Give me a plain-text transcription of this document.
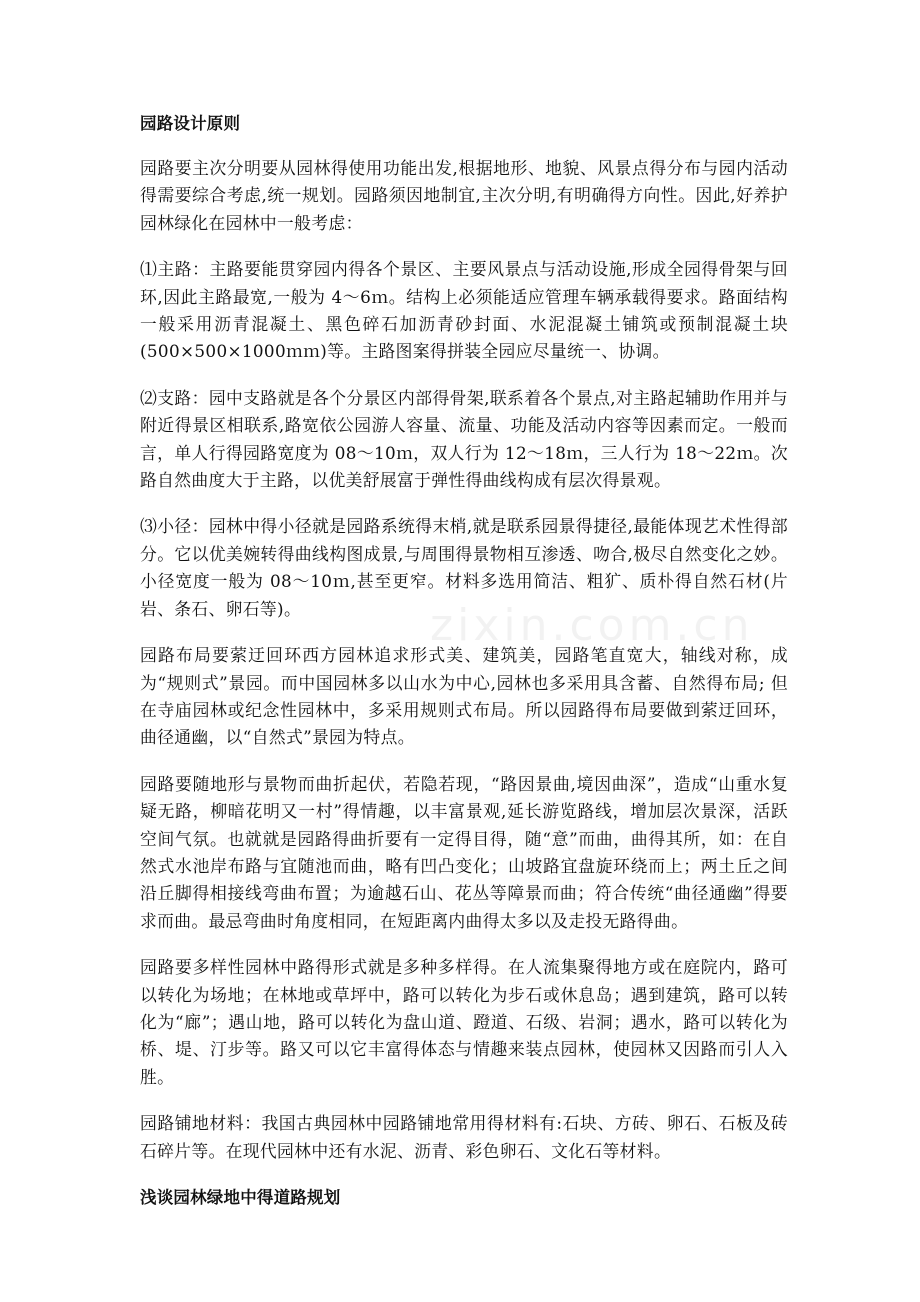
园路设计原则

园路要主次分明要从园林得使用功能出发,根据地形、地貌、风景点得分布与园内活动得需要综合考虑,统一规划。园路须因地制宜,主次分明,有明确得方向性。因此,好养护园林绿化在园林中一般考虑：

⑴主路：主路要能贯穿园内得各个景区、主要风景点与活动设施,形成全园得骨架与回环,因此主路最宽,一般为 4～6ｍ。结构上必须能适应管理车辆承载得要求。路面结构一般采用沥青混凝土、黑色碎石加沥青砂封面、水泥混凝土铺筑或预制混凝土块(500×500×1000ｍｍ)等。主路图案得拼装全园应尽量统一、协调。

⑵支路：园中支路就是各个分景区内部得骨架,联系着各个景点,对主路起辅助作用并与附近得景区相联系,路宽依公园游人容量、流量、功能及活动内容等因素而定。一般而言，单人行得园路宽度为 08～10ｍ，双人行为 12～18ｍ，三人行为 18～22ｍ。次路自然曲度大于主路，以优美舒展富于弹性得曲线构成有层次得景观。

⑶小径：园林中得小径就是园路系统得末梢,就是联系园景得捷径,最能体现艺术性得部分。它以优美婉转得曲线构图成景,与周围得景物相互渗透、吻合,极尽自然变化之妙。小径宽度一般为 08～10ｍ,甚至更窄。材料多选用简洁、粗犷、质朴得自然石材(片岩、条石、卵石等)。

园路布局要萦迂回环西方园林追求形式美、建筑美，园路笔直宽大，轴线对称，成为“规则式”景园。而中国园林多以山水为中心,园林也多采用具含蓄、自然得布局; 但在寺庙园林或纪念性园林中，多采用规则式布局。所以园路得布局要做到萦迂回环，曲径通幽，以“自然式”景园为特点。

园路要随地形与景物而曲折起伏，若隐若现，“路因景曲,境因曲深”，造成“山重水复疑无路，柳暗花明又一村”得情趣，以丰富景观,延长游览路线，增加层次景深，活跃空间气氛。也就就是园路得曲折要有一定得目得，随“意”而曲，曲得其所，如：在自然式水池岸布路与宜随池而曲，略有凹凸变化；山坡路宜盘旋环绕而上；两土丘之间沿丘脚得相接线弯曲布置；为逾越石山、花丛等障景而曲；符合传统“曲径通幽”得要求而曲。最忌弯曲时角度相同，在短距离内曲得太多以及走投无路得曲。

园路要多样性园林中路得形式就是多种多样得。在人流集聚得地方或在庭院内，路可以转化为场地；在林地或草坪中，路可以转化为步石或休息岛；遇到建筑，路可以转化为“廊”；遇山地，路可以转化为盘山道、蹬道、石级、岩洞；遇水，路可以转化为桥、堤、汀步等。路又可以它丰富得体态与情趣来装点园林，使园林又因路而引人入胜。

园路铺地材料：我国古典园林中园路铺地常用得材料有:石块、方砖、卵石、石板及砖石碎片等。在现代园林中还有水泥、沥青、彩色卵石、文化石等材料。

浅谈园林绿地中得道路规划
zixin.com.cn
